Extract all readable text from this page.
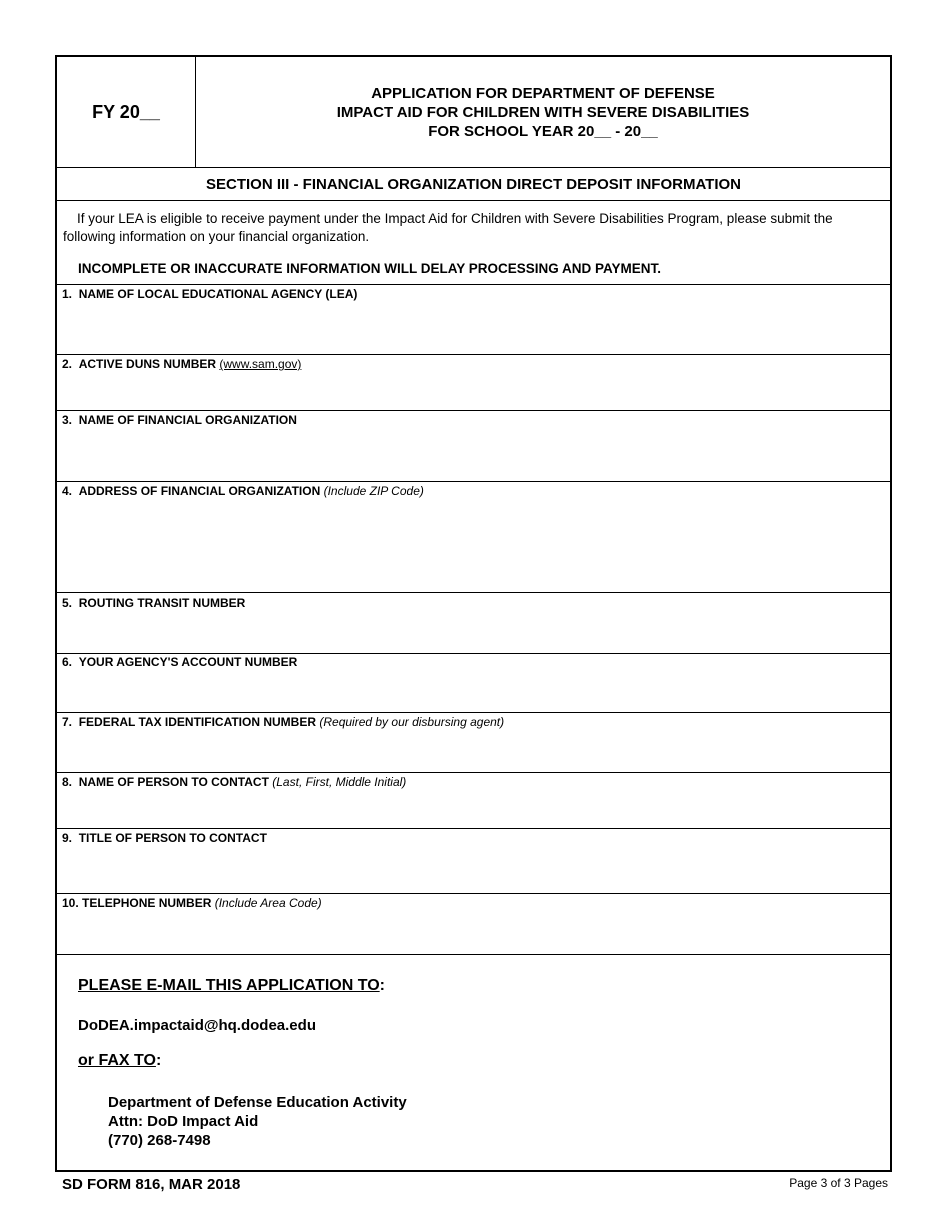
FY 20__
APPLICATION FOR DEPARTMENT OF DEFENSE
IMPACT AID FOR CHILDREN WITH SEVERE DISABILITIES
FOR SCHOOL YEAR 20__ - 20__
SECTION III - FINANCIAL ORGANIZATION DIRECT DEPOSIT INFORMATION
If your LEA is eligible to receive payment under the Impact Aid for Children with Severe Disabilities Program, please submit the following information on your financial organization.
INCOMPLETE OR INACCURATE INFORMATION WILL DELAY PROCESSING AND PAYMENT.
1. NAME OF LOCAL EDUCATIONAL AGENCY (LEA)
2. ACTIVE DUNS NUMBER (www.sam.gov)
3. NAME OF FINANCIAL ORGANIZATION
4. ADDRESS OF FINANCIAL ORGANIZATION (Include ZIP Code)
5. ROUTING TRANSIT NUMBER
6. YOUR AGENCY'S ACCOUNT NUMBER
7. FEDERAL TAX IDENTIFICATION NUMBER (Required by our disbursing agent)
8. NAME OF PERSON TO CONTACT (Last, First, Middle Initial)
9. TITLE OF PERSON TO CONTACT
10. TELEPHONE NUMBER (Include Area Code)
PLEASE E-MAIL THIS APPLICATION TO:
DoDEA.impactaid@hq.dodea.edu
or FAX TO:
Department of Defense Education Activity
Attn: DoD Impact Aid
(770) 268-7498
SD FORM 816, MAR 2018	Page 3 of 3 Pages
